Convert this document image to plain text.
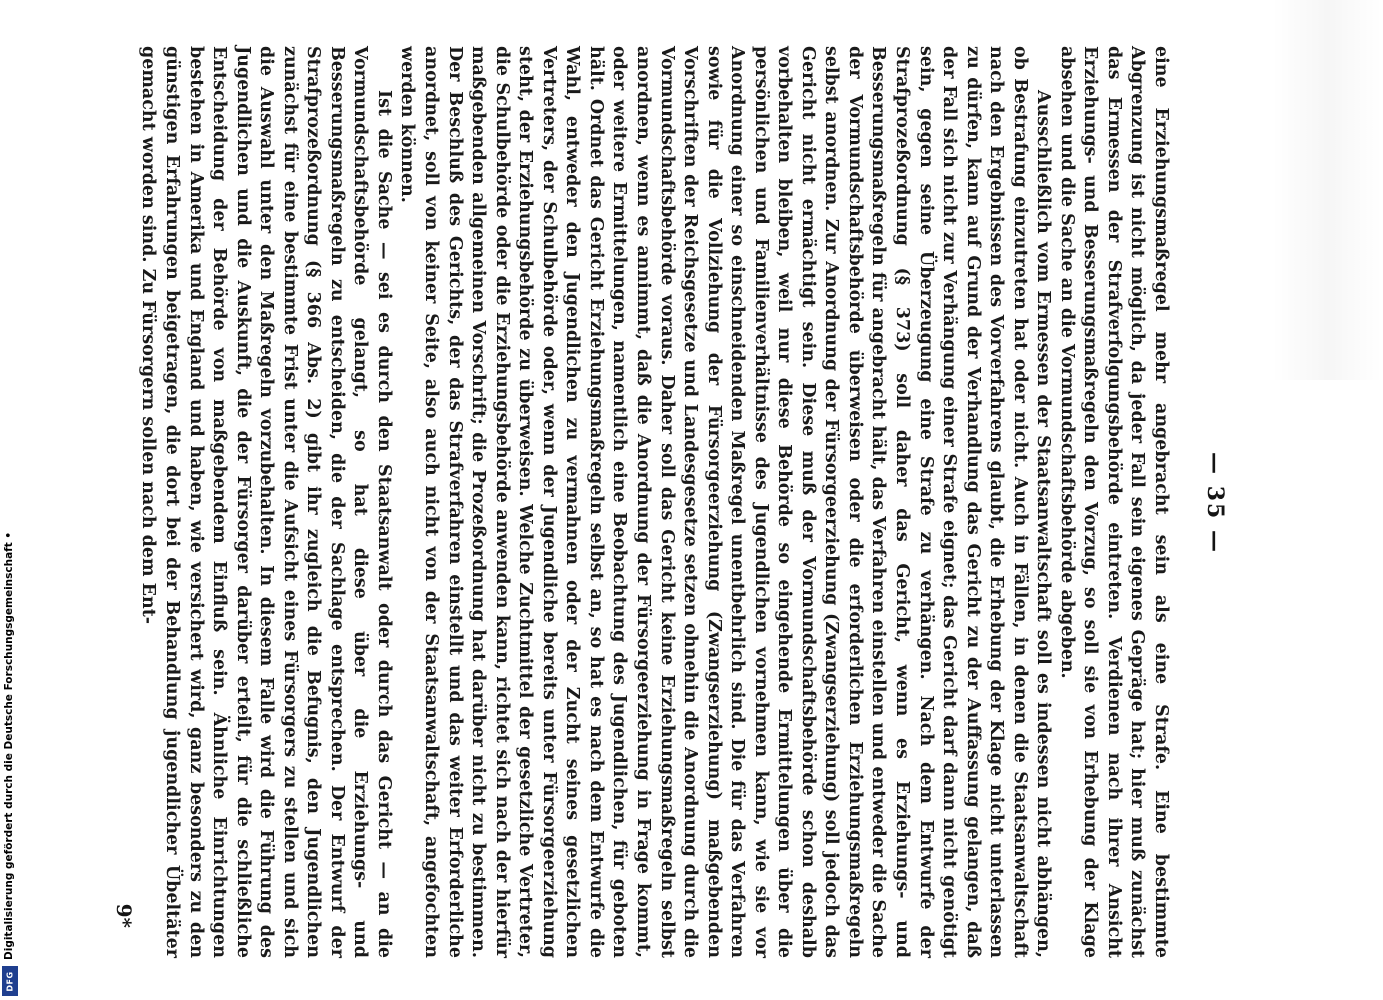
Digitalisierung gefördert durch die Deutsche Forschungsgemeinschaft •
DFG
— 35 —

eine Erziehungsmaßregel mehr angebracht sein als eine Strafe. Eine bestimmte Abgrenzung ist nicht möglich, da jeder Fall sein eigenes Gepräge hat; hier muß zunächst das Ermessen der Strafverfolgungsbehörde eintreten. Verdienen nach ihrer Ansicht Erziehungs- und Besserungsmaßregeln den Vorzug, so soll sie von Erhebung der Klage absehen und die Sache an die Vormundschaftsbehörde abgeben.

Ausschließlich vom Ermessen der Staatsanwaltschaft soll es indessen nicht abhängen, ob Bestrafung einzutreten hat oder nicht. Auch in Fällen, in denen die Staatsanwaltschaft nach den Ergebnissen des Vorverfahrens glaubt, die Erhebung der Klage nicht unterlassen zu dürfen, kann auf Grund der Verhandlung das Gericht zu der Auffassung gelangen, daß der Fall sich nicht zur Verhängung einer Strafe eignet; das Gericht darf dann nicht genötigt sein, gegen seine Überzeugung eine Strafe zu verhängen. Nach dem Entwurfe der Strafprozeßordnung (§ 373) soll daher das Gericht, wenn es Erziehungs- und Besserungsmaßregeln für angebracht hält, das Verfahren einstellen und entweder die Sache der Vormundschaftsbehörde überweisen oder die erforderlichen Erziehungsmaßregeln selbst anordnen. Zur Anordnung der Fürsorgeerziehung (Zwangserziehung) soll jedoch das Gericht nicht ermächtigt sein. Diese muß der Vormundschaftsbehörde schon deshalb vorbehalten bleiben, weil nur diese Behörde so eingehende Ermittelungen über die persönlichen und Familienverhältnisse des Jugendlichen vornehmen kann, wie sie vor Anordnung einer so einschneidenden Maßregel unentbehrlich sind. Die für das Verfahren sowie für die Vollziehung der Fürsorgeerziehung (Zwangserziehung) maßgebenden Vorschriften der Reichsgesetze und Landesgesetze setzen ohnehin die Anordnung durch die Vormundschaftsbehörde voraus. Daher soll das Gericht keine Erziehungsmaßregeln selbst anordnen, wenn es annimmt, daß die Anordnung der Fürsorgeerziehung in Frage kommt, oder weitere Ermittelungen, namentlich eine Beobachtung des Jugendlichen, für geboten hält. Ordnet das Gericht Erziehungsmaßregeln selbst an, so hat es nach dem Entwurfe die Wahl, entweder den Jugendlichen zu vermahnen oder der Zucht seines gesetzlichen Vertreters, der Schulbehörde oder, wenn der Jugendliche bereits unter Fürsorgeerziehung steht, der Erziehungsbehörde zu überweisen. Welche Zuchtmittel der gesetzliche Vertreter, die Schulbehörde oder die Erziehungsbehörde anwenden kann, richtet sich nach der hierfür maßgebenden allgemeinen Vorschrift; die Prozeßordnung hat darüber nicht zu bestimmen. Der Beschluß des Gerichts, der das Strafverfahren einstellt und das weiter Erforderliche anordnet, soll von keiner Seite, also auch nicht von der Staatsanwaltschaft, angefochten werden können.

Ist die Sache — sei es durch den Staatsanwalt oder durch das Gericht — an die Vormundschaftsbehörde gelangt, so hat diese über die Erziehungs- und Besserungsmaßregeln zu entscheiden, die der Sachlage entsprechen. Der Entwurf der Strafprozeßordnung (§ 366 Abs. 2) gibt ihr zugleich die Befugnis, den Jugendlichen zunächst für eine bestimmte Frist unter die Aufsicht eines Fürsorgers zu stellen und sich die Auswahl unter den Maßregeln vorzubehalten. In diesem Falle wird die Führung des Jugendlichen und die Auskunft, die der Fürsorger darüber erteilt, für die schließliche Entscheidung der Behörde von maßgebendem Einfluß sein. Ähnliche Einrichtungen bestehen in Amerika und England und haben, wie versichert wird, ganz besonders zu den günstigen Erfahrungen beigetragen, die dort bei der Behandlung jugendlicher Übeltäter gemacht worden sind. Zu Fürsorgern sollen nach dem Ent-

9*
